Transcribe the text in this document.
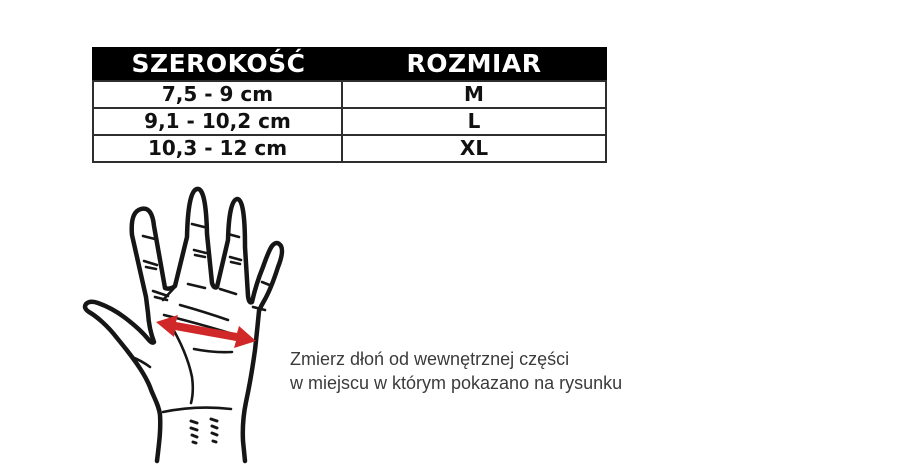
SZEROKOŚĆ	ROZMIAR
7,5 - 9 cm	M
9,1 - 10,2 cm	L
10,3 - 12 cm	XL
Zmierz dłoń od wewnętrznej części
w miejscu w którym pokazano na rysunku
